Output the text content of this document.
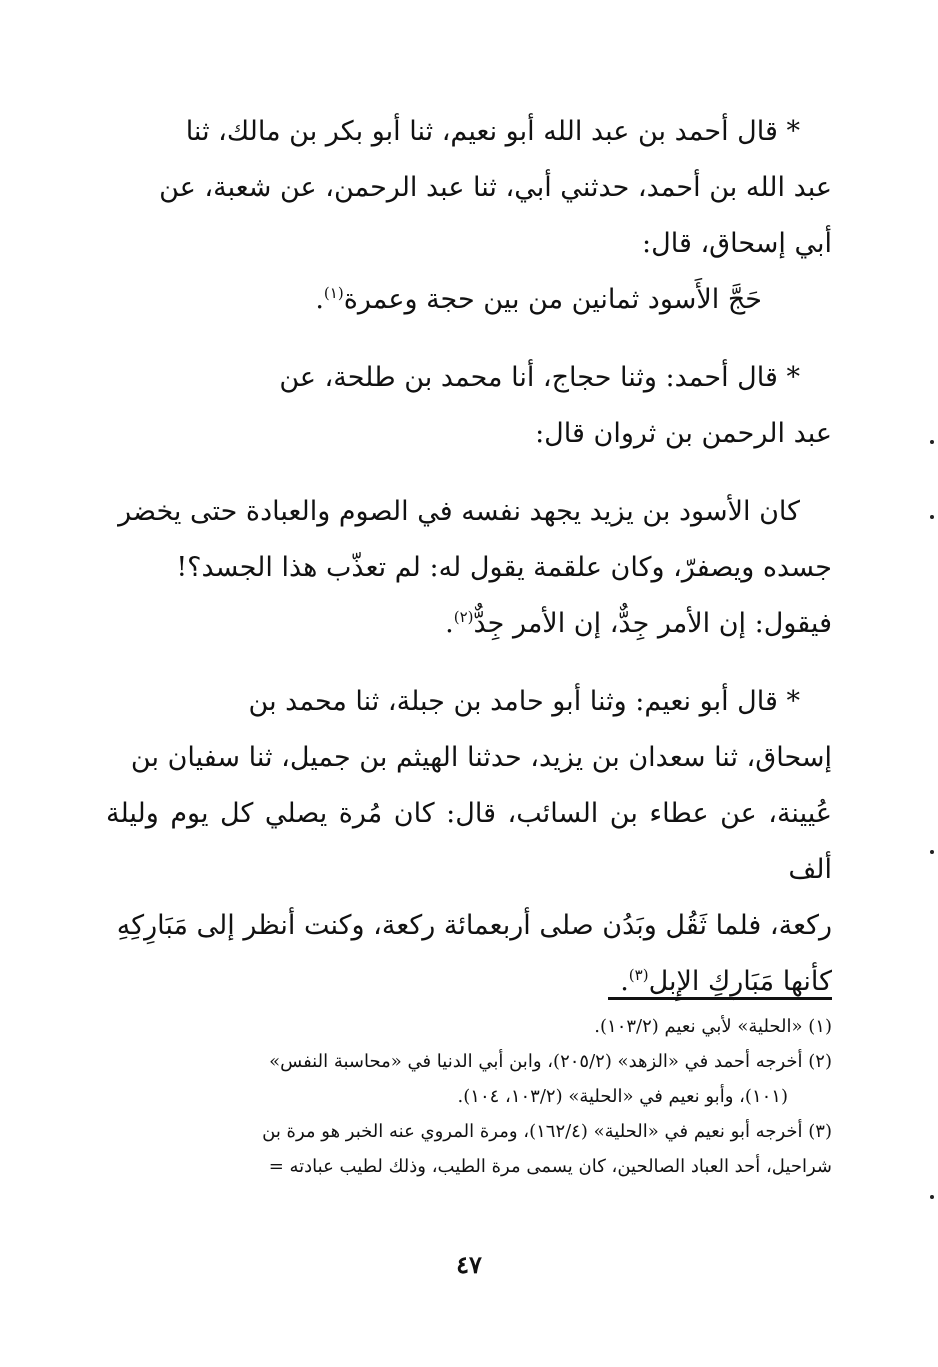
* قال أحمد بن عبد الله أبو نعيم، ثنا أبو بكر بن مالك، ثنا

عبد الله بن أحمد، حدثني أبي، ثنا عبد الرحمن، عن شعبة، عن

أبي إسحاق، قال:

حَجَّ الأَسود ثمانين من بين حجة وعمرة$^{(١)}$.

* قال أحمد: وثنا حجاج، أنا محمد بن طلحة، عن

عبد الرحمن بن ثروان قال:

كان الأسود بن يزيد يجهد نفسه في الصوم والعبادة حتى يخضر

جسده ويصفرّ، وكان علقمة يقول له: لم تعذّب هذا الجسد؟!

فيقول: إن الأمر جِدٌّ، إن الأمر جِدٌّ$^{(٢)}$.

* قال أبو نعيم: وثنا أبو حامد بن جبلة، ثنا محمد بن

إسحاق، ثنا سعدان بن يزيد، حدثنا الهيثم بن جميل، ثنا سفيان بن

عُيينة، عن عطاء بن السائب، قال: كان مُرة يصلي كل يوم وليلة ألف

ركعة، فلما ثَقُل وبَدُن صلى أربعمائة ركعة، وكنت أنظر إلى مَبَارِكِهِ

كأنها مَبَارِكِ الإِبل$^{(٣)}$.

(١) «الحلية» لأبي نعيم (١٠٣/٢).

(٢) أخرجه أحمد في «الزهد» (٢٠٥/٢)، وابن أبي الدنيا في «محاسبة النفس»

(١٠١)، وأبو نعيم في «الحلية» (١٠٣/٢، ١٠٤).

(٣) أخرجه أبو نعيم في «الحلية» (١٦٢/٤)، ومرة المروي عنه الخبر هو مرة بن

شراحيل، أحد العباد الصالحين، كان يسمى مرة الطيب، وذلك لطيب عبادته =

٤٧
